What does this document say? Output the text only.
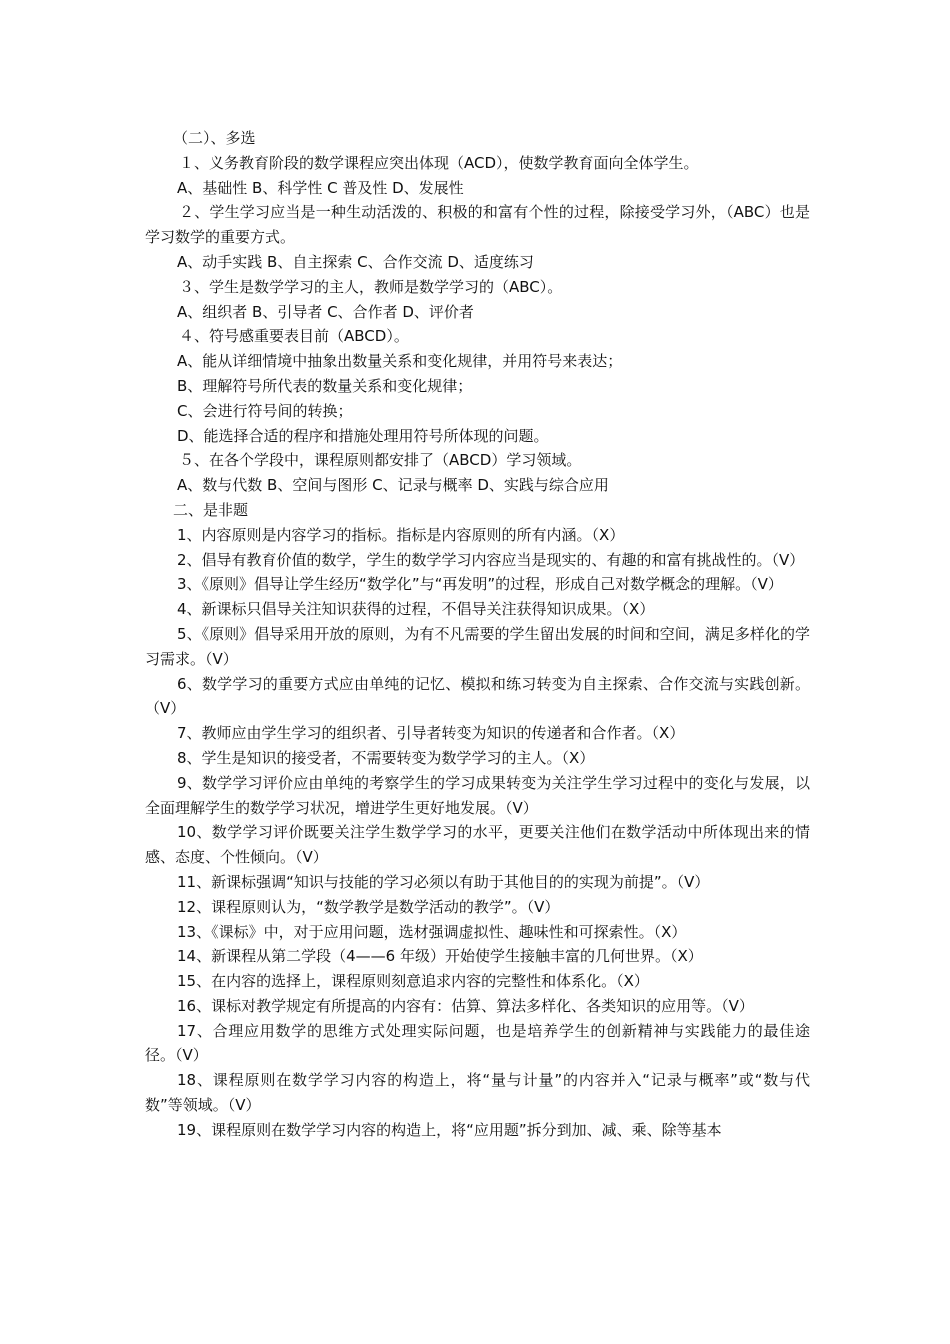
（二）、多选
１、义务教育阶段的数学课程应突出体现（ACD），使数学教育面向全体学生。
A、基础性 B、科学性 C 普及性 D、发展性
２、学生学习应当是一种生动活泼的、积极的和富有个性的过程，除接受学习外，（ABC）也是学习数学的重要方式。
A、动手实践 B、自主探索 C、合作交流 D、适度练习
３、学生是数学学习的主人，教师是数学学习的（ABC）。
A、组织者 B、引导者 C、合作者 D、评价者
４、符号感重要表目前（ABCD）。
A、能从详细情境中抽象出数量关系和变化规律，并用符号来表达；
B、理解符号所代表的数量关系和变化规律；
C、会进行符号间的转换；
D、能选择合适的程序和措施处理用符号所体现的问题。
５、在各个学段中，课程原则都安排了（ABCD）学习领域。
A、数与代数 B、空间与图形 C、记录与概率 D、实践与综合应用
二、是非题
1、内容原则是内容学习的指标。指标是内容原则的所有内涵。（X）
2、倡导有教育价值的数学，学生的数学学习内容应当是现实的、有趣的和富有挑战性的。（V）
3、《原则》倡导让学生经历“数学化”与“再发明”的过程，形成自己对数学概念的理解。（V）
4、新课标只倡导关注知识获得的过程，不倡导关注获得知识成果。（X）
5、《原则》倡导采用开放的原则，为有不凡需要的学生留出发展的时间和空间，满足多样化的学习需求。（V）
6、数学学习的重要方式应由单纯的记忆、模拟和练习转变为自主探索、合作交流与实践创新。（V）
7、教师应由学生学习的组织者、引导者转变为知识的传递者和合作者。（X）
8、学生是知识的接受者，不需要转变为数学学习的主人。（X）
9、数学学习评价应由单纯的考察学生的学习成果转变为关注学生学习过程中的变化与发展，以全面理解学生的数学学习状况，增进学生更好地发展。（V）
10、数学学习评价既要关注学生数学学习的水平，更要关注他们在数学活动中所体现出来的情感、态度、个性倾向。（V）
11、新课标强调“知识与技能的学习必须以有助于其他目的的实现为前提”。（V）
12、课程原则认为，“数学教学是数学活动的教学”。（V）
13、《课标》中，对于应用问题，选材强调虚拟性、趣味性和可探索性。（X）
14、新课程从第二学段（4——6 年级）开始使学生接触丰富的几何世界。（X）
15、在内容的选择上，课程原则刻意追求内容的完整性和体系化。（X）
16、课标对教学规定有所提高的内容有：估算、算法多样化、各类知识的应用等。（V）
17、合理应用数学的思维方式处理实际问题，也是培养学生的创新精神与实践能力的最佳途径。（V）
18、课程原则在数学学习内容的构造上，将“量与计量”的内容并入“记录与概率”或“数与代数”等领域。（V）
19、课程原则在数学学习内容的构造上，将“应用题”拆分到加、减、乘、除等基本
